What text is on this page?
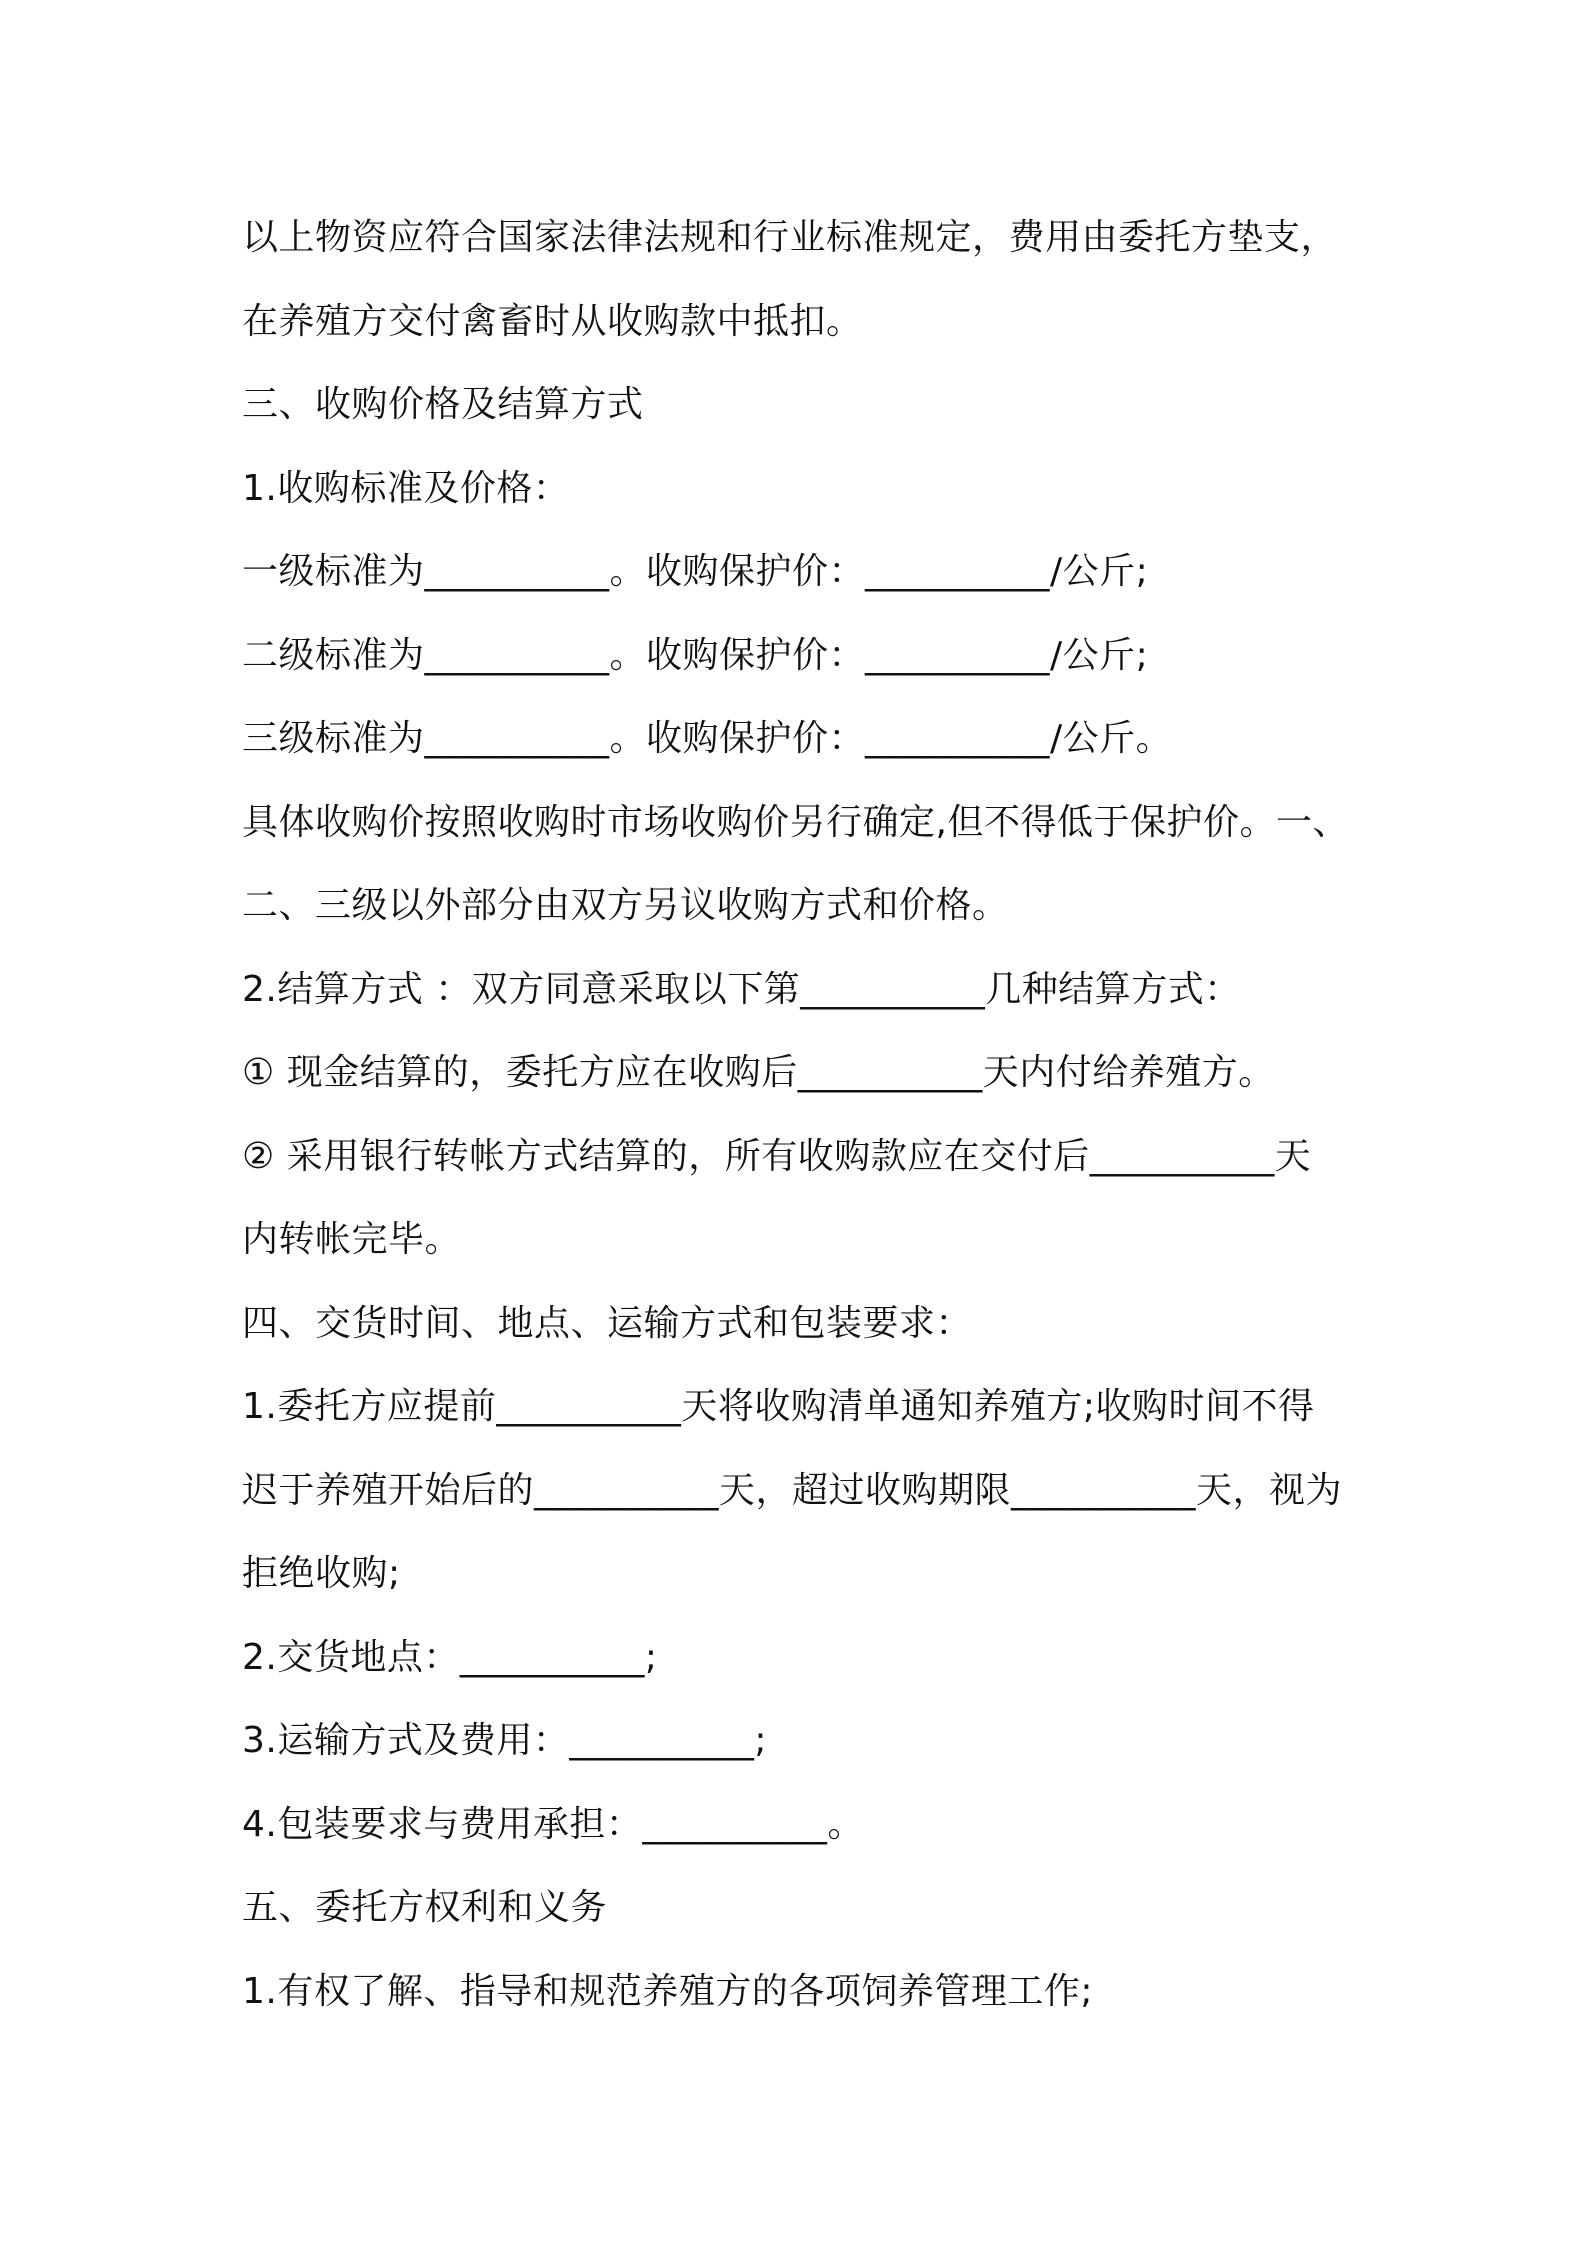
以上物资应符合国家法律法规和行业标准规定，费用由委托方垫支，
在养殖方交付禽畜时从收购款中抵扣。
三、收购价格及结算方式
1.收购标准及价格：
一级标准为__________。收购保护价：__________/公斤;
二级标准为__________。收购保护价：__________/公斤;
三级标准为__________。收购保护价：__________/公斤。
具体收购价按照收购时市场收购价另行确定,但不得低于保护价。一、
二、三级以外部分由双方另议收购方式和价格。
2.结算方式 ：双方同意采取以下第__________几种结算方式：
① 现金结算的，委托方应在收购后__________天内付给养殖方。
② 采用银行转帐方式结算的，所有收购款应在交付后__________天
内转帐完毕。
四、交货时间、地点、运输方式和包装要求：
1.委托方应提前__________天将收购清单通知养殖方;收购时间不得
迟于养殖开始后的__________天，超过收购期限__________天，视为
拒绝收购;
2.交货地点：__________;
3.运输方式及费用：__________;
4.包装要求与费用承担：__________。
五、委托方权利和义务
1.有权了解、指导和规范养殖方的各项饲养管理工作;
